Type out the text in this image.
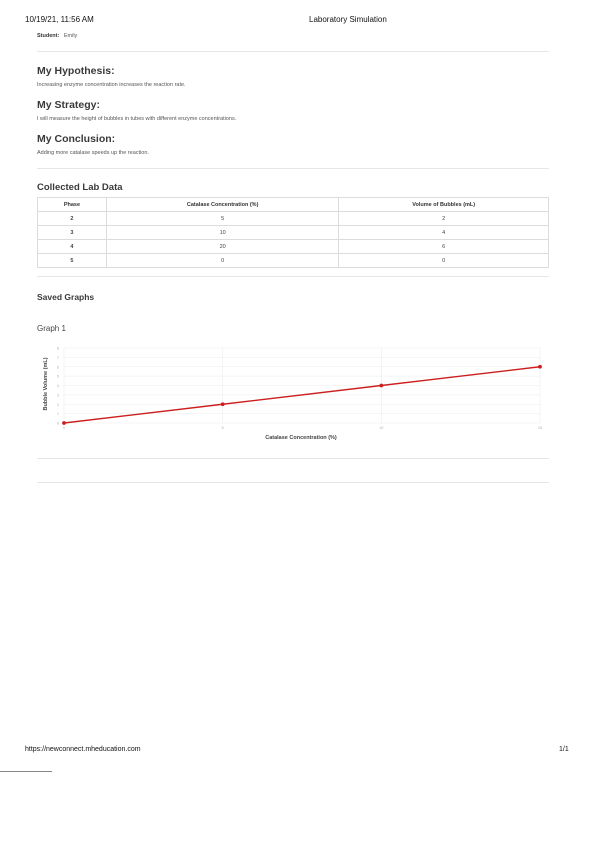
10/19/21, 11:56 AM	Laboratory Simulation
Student: Emily
My Hypothesis:
Increasing enzyme concentration increases the reaction rate.
My Strategy:
I will measure the height of bubbles in tubes with different enzyme concentrations.
My Conclusion:
Adding more catalase speeds up the reaction.
Collected Lab Data
Phase	Catalase Concentration (%)	Volume of Bubbles (mL)
2	5	2
3	10	4
4	20	6
5	0	0
Saved Graphs
Graph 1
0
1
2
3
4
5
6
7
8
0	5	10	15
Catalase Concentration (%)
Bubble Volume (mL)
https://newconnect.mheducation.com	1/1
